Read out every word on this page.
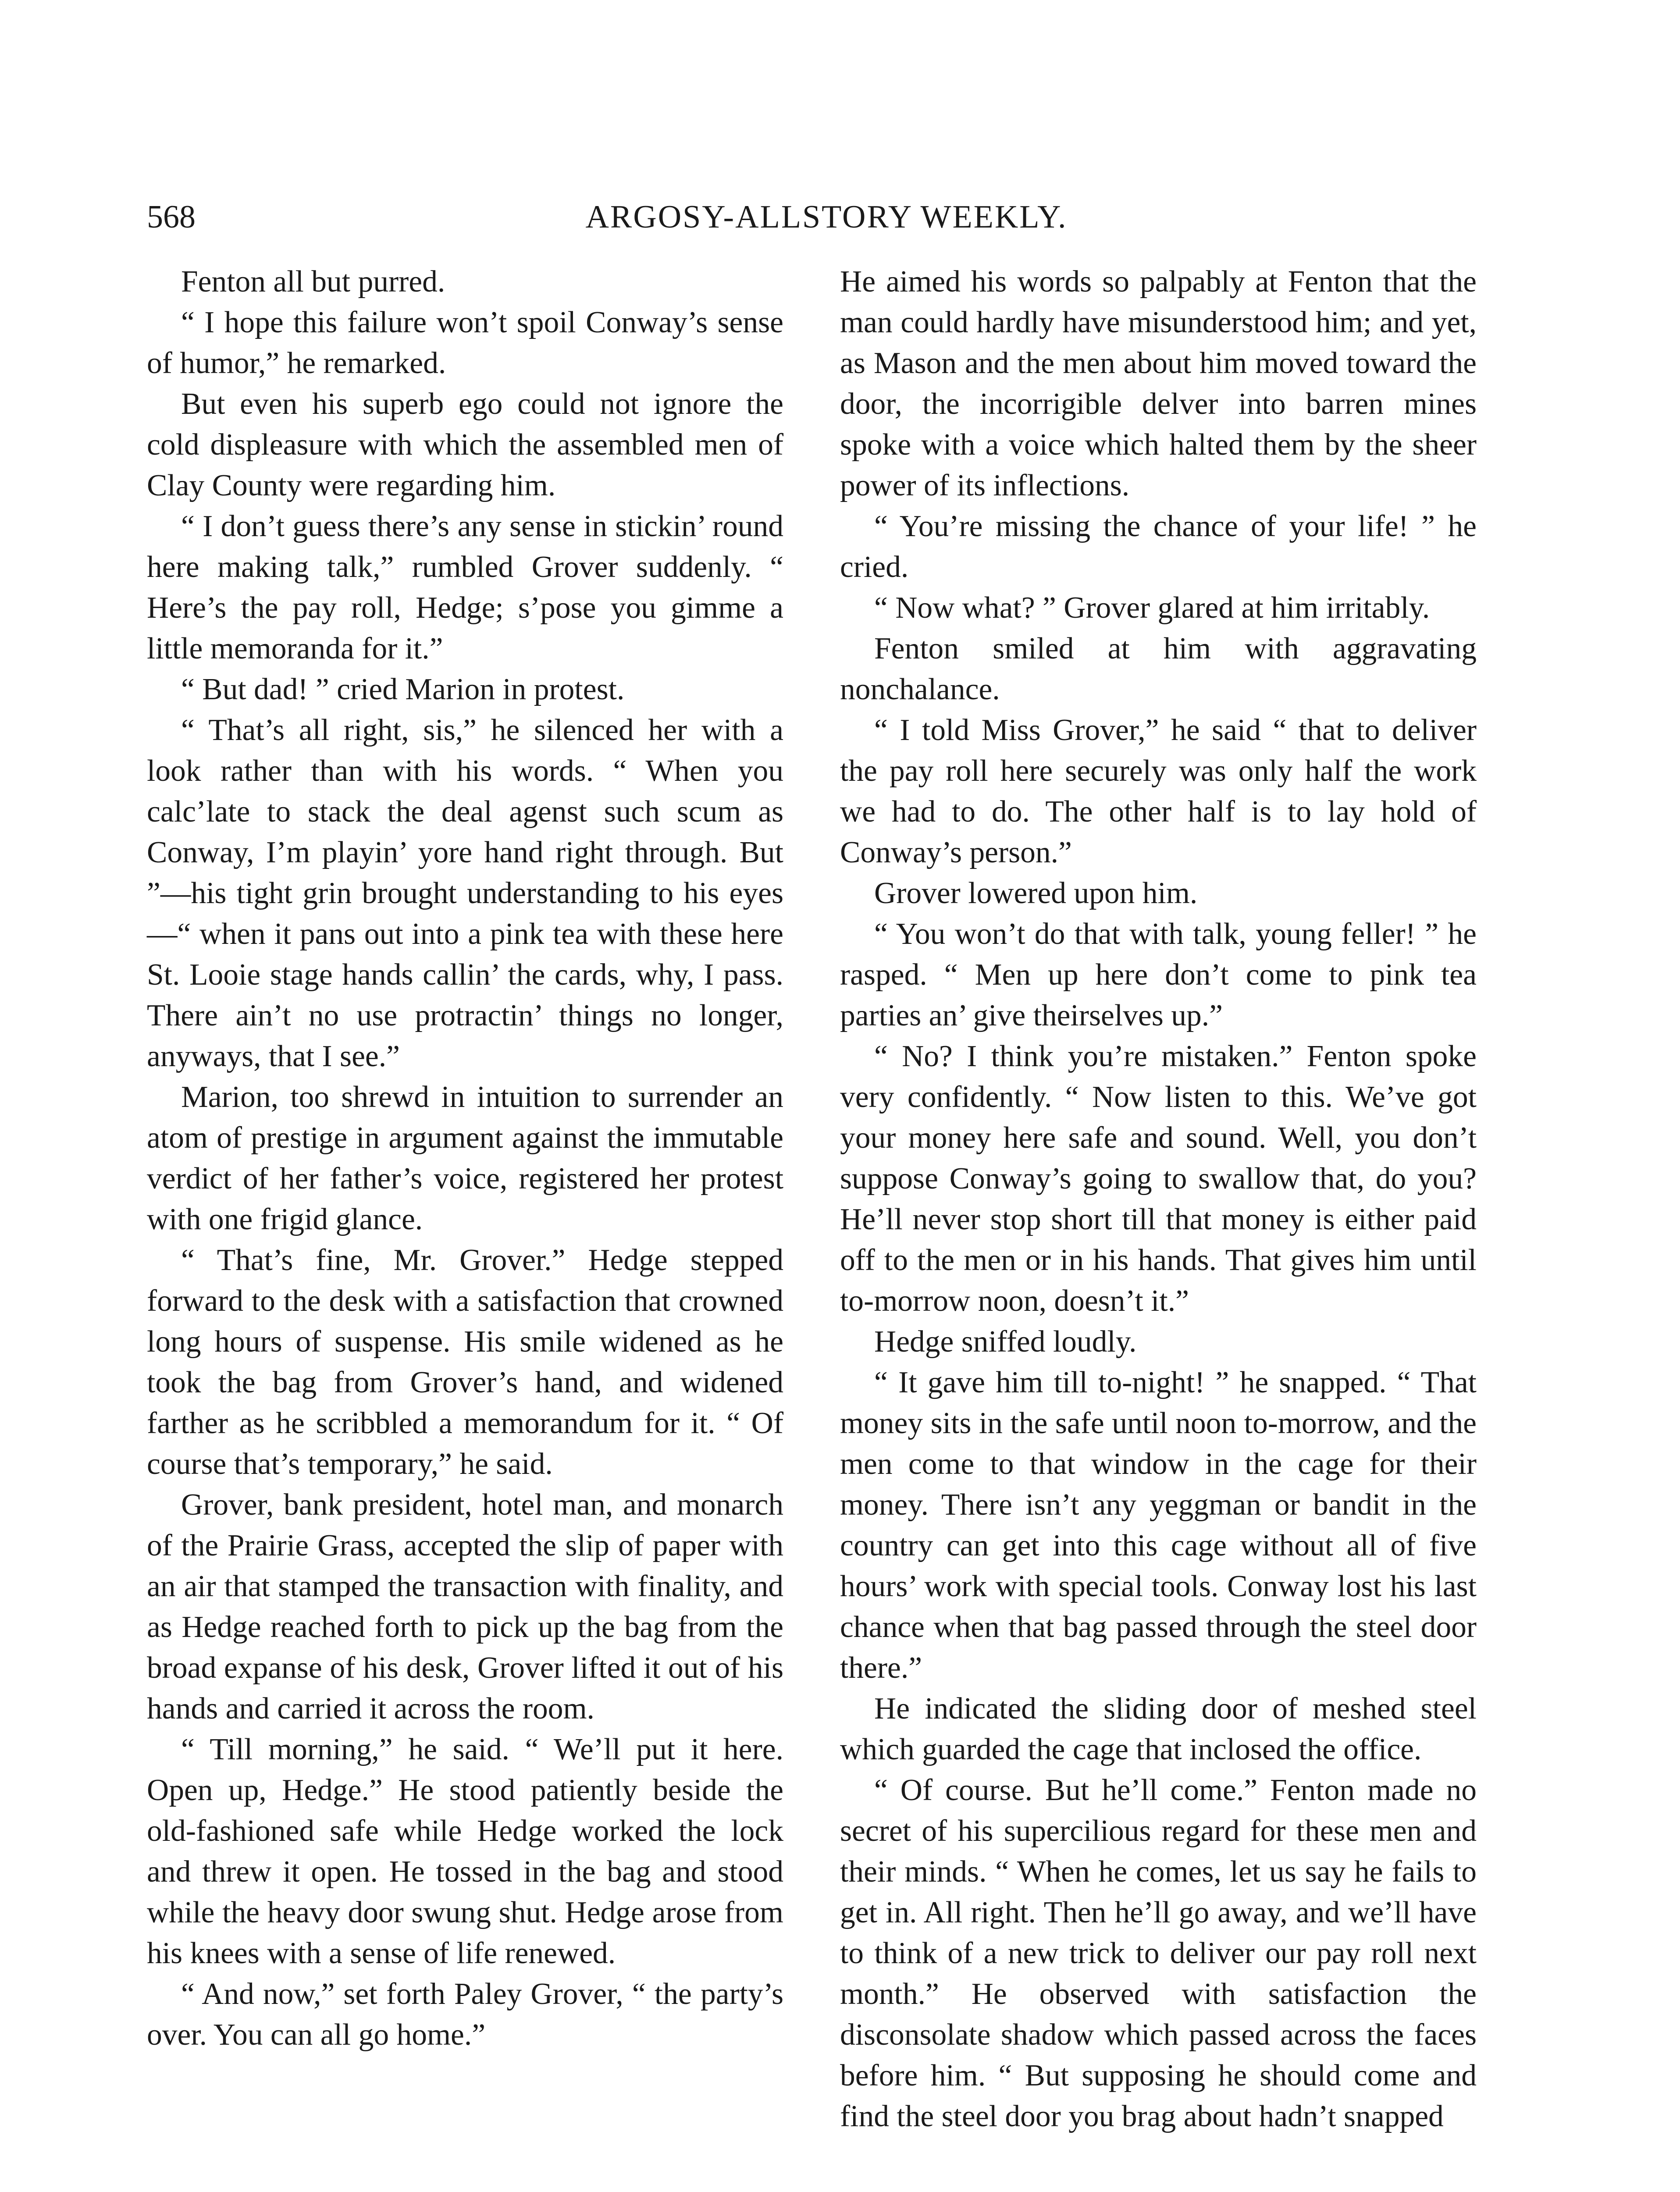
568	ARGOSY-ALLSTORY WEEKLY.

Fenton all but purred.

“ I hope this failure won’t spoil Conway’s sense of humor,” he remarked.

But even his superb ego could not ignore the cold displeasure with which the assembled men of Clay County were regarding him.

“ I don’t guess there’s any sense in stickin’ round here making talk,” rumbled Grover suddenly. “ Here’s the pay roll, Hedge; s’pose you gimme a little memoranda for it.”

“ But dad! ” cried Marion in protest.

“ That’s all right, sis,” he silenced her with a look rather than with his words. “ When you calc’late to stack the deal agenst such scum as Conway, I’m playin’ yore hand right through. But ”—his tight grin brought understanding to his eyes—“ when it pans out into a pink tea with these here St. Looie stage hands callin’ the cards, why, I pass. There ain’t no use protractin’ things no longer, anyways, that I see.”

Marion, too shrewd in intuition to surrender an atom of prestige in argument against the immutable verdict of her father’s voice, registered her protest with one frigid glance.

“ That’s fine, Mr. Grover.” Hedge stepped forward to the desk with a satisfaction that crowned long hours of suspense. His smile widened as he took the bag from Grover’s hand, and widened farther as he scribbled a memorandum for it. “ Of course that’s temporary,” he said.

Grover, bank president, hotel man, and monarch of the Prairie Grass, accepted the slip of paper with an air that stamped the transaction with finality, and as Hedge reached forth to pick up the bag from the broad expanse of his desk, Grover lifted it out of his hands and carried it across the room.

“ Till morning,” he said. “ We’ll put it here. Open up, Hedge.” He stood patiently beside the old-fashioned safe while Hedge worked the lock and threw it open. He tossed in the bag and stood while the heavy door swung shut. Hedge arose from his knees with a sense of life renewed.

“ And now,” set forth Paley Grover, “ the party’s over. You can all go home.”

He aimed his words so palpably at Fenton that the man could hardly have misunderstood him; and yet, as Mason and the men about him moved toward the door, the incorrigible delver into barren mines spoke with a voice which halted them by the sheer power of its inflections.

“ You’re missing the chance of your life! ” he cried.

“ Now what? ” Grover glared at him irritably.

Fenton smiled at him with aggravating nonchalance.

“ I told Miss Grover,” he said “ that to deliver the pay roll here securely was only half the work we had to do. The other half is to lay hold of Conway’s person.”

Grover lowered upon him.

“ You won’t do that with talk, young feller! ” he rasped. “ Men up here don’t come to pink tea parties an’ give theirselves up.”

“ No? I think you’re mistaken.” Fenton spoke very confidently. “ Now listen to this. We’ve got your money here safe and sound. Well, you don’t suppose Conway’s going to swallow that, do you? He’ll never stop short till that money is either paid off to the men or in his hands. That gives him until to-morrow noon, doesn’t it.”

Hedge sniffed loudly.

“ It gave him till to-night! ” he snapped. “ That money sits in the safe until noon to-morrow, and the men come to that window in the cage for their money. There isn’t any yeggman or bandit in the country can get into this cage without all of five hours’ work with special tools. Conway lost his last chance when that bag passed through the steel door there.”

He indicated the sliding door of meshed steel which guarded the cage that inclosed the office.

“ Of course. But he’ll come.” Fenton made no secret of his supercilious regard for these men and their minds. “ When he comes, let us say he fails to get in. All right. Then he’ll go away, and we’ll have to think of a new trick to deliver our pay roll next month.” He observed with satisfaction the disconsolate shadow which passed across the faces before him. “ But supposing he should come and find the steel door you brag about hadn’t snapped
